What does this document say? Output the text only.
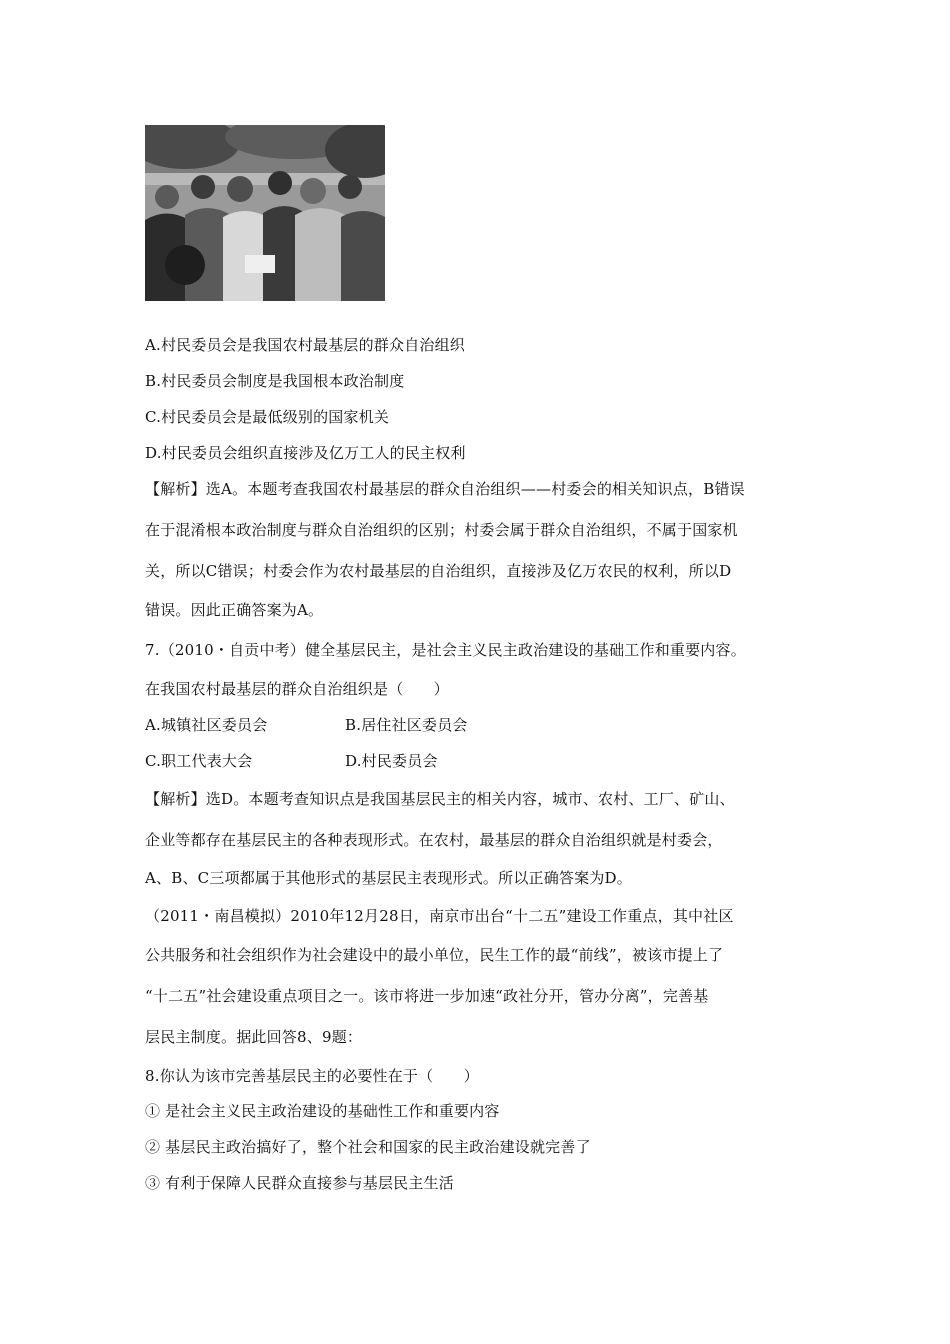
A.村民委员会是我国农村最基层的群众自治组织
B.村民委员会制度是我国根本政治制度
C.村民委员会是最低级别的国家机关
D.村民委员会组织直接涉及亿万工人的民主权利
【解析】选A。本题考查我国农村最基层的群众自治组织——村委会的相关知识点，B错误
在于混淆根本政治制度与群众自治组织的区别；村委会属于群众自治组织，不属于国家机
关，所以C错误；村委会作为农村最基层的自治组织，直接涉及亿万农民的权利，所以D
错误。因此正确答案为A。
7.（2010・自贡中考）健全基层民主，是社会主义民主政治建设的基础工作和重要内容。
在我国农村最基层的群众自治组织是（　　）
A.城镇社区委员会	B.居住社区委员会
C.职工代表大会	D.村民委员会
【解析】选D。本题考查知识点是我国基层民主的相关内容，城市、农村、工厂、矿山、
企业等都存在基层民主的各种表现形式。在农村，最基层的群众自治组织就是村委会，
A、B、C三项都属于其他形式的基层民主表现形式。所以正确答案为D。
（2011・南昌模拟）2010年12月28日，南京市出台“十二五”建设工作重点，其中社区
公共服务和社会组织作为社会建设中的最小单位，民生工作的最“前线”，被该市提上了
“十二五”社会建设重点项目之一。该市将进一步加速“政社分开，管办分离”，完善基
层民主制度。据此回答8、9题：
8.你认为该市完善基层民主的必要性在于（　　）
① 是社会主义民主政治建设的基础性工作和重要内容
② 基层民主政治搞好了，整个社会和国家的民主政治建设就完善了
③ 有利于保障人民群众直接参与基层民主生活
